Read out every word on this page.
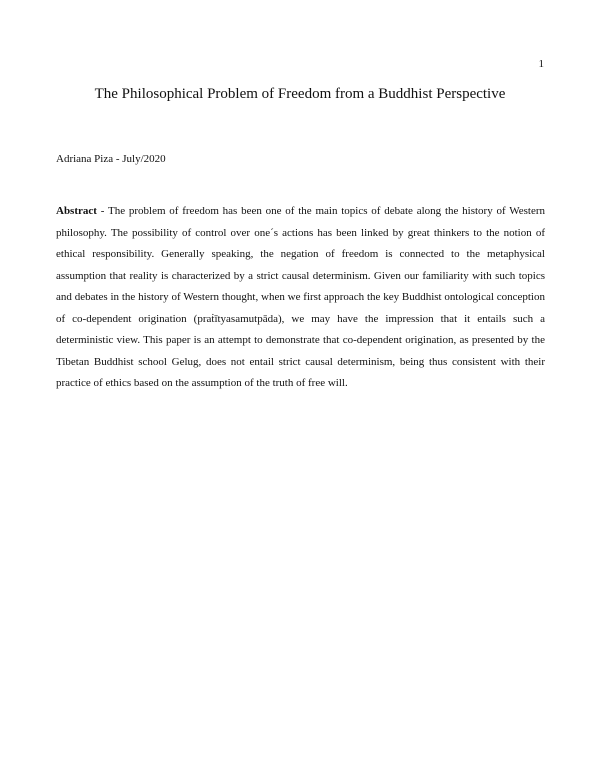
1
The Philosophical Problem of Freedom from a Buddhist Perspective
Adriana Piza - July/2020

Abstract - The problem of freedom has been one of the main topics of debate along the history of Western philosophy. The possibility of control over one´s actions has been linked by great thinkers to the notion of ethical responsibility. Generally speaking, the negation of freedom is connected to the metaphysical assumption that reality is characterized by a strict causal determinism. Given our familiarity with such topics and debates in the history of Western thought, when we first approach the key Buddhist ontological conception of co-dependent origination (praṫītyasamutpāda), we may have the impression that it entails such a deterministic view. This paper is an attempt to demonstrate that co-dependent origination, as presented by the Tibetan Buddhist school Gelug, does not entail strict causal determinism, being thus consistent with their practice of ethics based on the assumption of the truth of free will.
